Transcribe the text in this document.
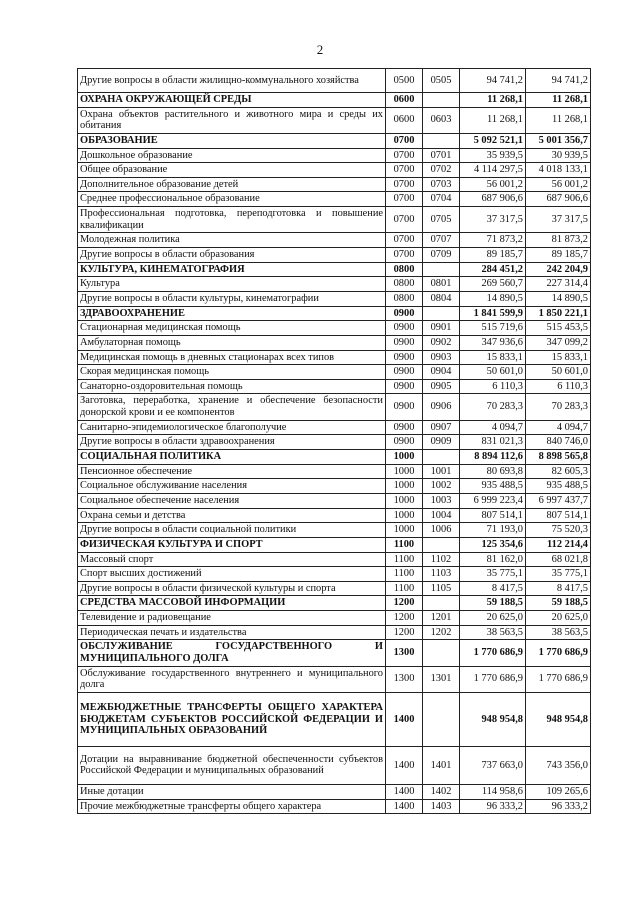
2
Другие вопросы в области жилищно-коммунального хозяйства	0500	0505	94 741,2	94 741,2
ОХРАНА ОКРУЖАЮЩЕЙ СРЕДЫ	0600		11 268,1	11 268,1
Охрана объектов растительного и животного мира и среды их обитания	0600	0603	11 268,1	11 268,1
ОБРАЗОВАНИЕ	0700		5 092 521,1	5 001 356,7
Дошкольное образование	0700	0701	35 939,5	30 939,5
Общее образование	0700	0702	4 114 297,5	4 018 133,1
Дополнительное образование детей	0700	0703	56 001,2	56 001,2
Среднее профессиональное образование	0700	0704	687 906,6	687 906,6
Профессиональная подготовка, переподготовка и повышение квалификации	0700	0705	37 317,5	37 317,5
Молодежная политика	0700	0707	71 873,2	81 873,2
Другие вопросы в области образования	0700	0709	89 185,7	89 185,7
КУЛЬТУРА, КИНЕМАТОГРАФИЯ	0800		284 451,2	242 204,9
Культура	0800	0801	269 560,7	227 314,4
Другие вопросы в области культуры, кинематографии	0800	0804	14 890,5	14 890,5
ЗДРАВООХРАНЕНИЕ	0900		1 841 599,9	1 850 221,1
Стационарная медицинская помощь	0900	0901	515 719,6	515 453,5
Амбулаторная помощь	0900	0902	347 936,6	347 099,2
Медицинская помощь в дневных стационарах всех типов	0900	0903	15 833,1	15 833,1
Скорая медицинская помощь	0900	0904	50 601,0	50 601,0
Санаторно-оздоровительная помощь	0900	0905	6 110,3	6 110,3
Заготовка, переработка, хранение и обеспечение безопасности донорской крови и ее компонентов	0900	0906	70 283,3	70 283,3
Санитарно-эпидемиологическое благополучие	0900	0907	4 094,7	4 094,7
Другие вопросы в области здравоохранения	0900	0909	831 021,3	840 746,0
СОЦИАЛЬНАЯ ПОЛИТИКА	1000		8 894 112,6	8 898 565,8
Пенсионное обеспечение	1000	1001	80 693,8	82 605,3
Социальное обслуживание населения	1000	1002	935 488,5	935 488,5
Социальное обеспечение населения	1000	1003	6 999 223,4	6 997 437,7
Охрана семьи и детства	1000	1004	807 514,1	807 514,1
Другие вопросы в области социальной политики	1000	1006	71 193,0	75 520,3
ФИЗИЧЕСКАЯ КУЛЬТУРА И СПОРТ	1100		125 354,6	112 214,4
Массовый спорт	1100	1102	81 162,0	68 021,8
Спорт высших достижений	1100	1103	35 775,1	35 775,1
Другие вопросы в области физической культуры и спорта	1100	1105	8 417,5	8 417,5
СРЕДСТВА МАССОВОЙ ИНФОРМАЦИИ	1200		59 188,5	59 188,5
Телевидение и радиовещание	1200	1201	20 625,0	20 625,0
Периодическая печать и издательства	1200	1202	38 563,5	38 563,5
ОБСЛУЖИВАНИЕ ГОСУДАРСТВЕННОГО И МУНИЦИПАЛЬНОГО ДОЛГА	1300		1 770 686,9	1 770 686,9
Обслуживание государственного внутреннего и муниципального долга	1300	1301	1 770 686,9	1 770 686,9
МЕЖБЮДЖЕТНЫЕ ТРАНСФЕРТЫ ОБЩЕГО ХАРАКТЕРА БЮДЖЕТАМ СУБЪЕКТОВ РОССИЙСКОЙ ФЕДЕРАЦИИ И МУНИЦИПАЛЬНЫХ ОБРАЗОВАНИЙ	1400		948 954,8	948 954,8
Дотации на выравнивание бюджетной обеспеченности субъектов Российской Федерации и муниципальных образований	1400	1401	737 663,0	743 356,0
Иные дотации	1400	1402	114 958,6	109 265,6
Прочие межбюджетные трансферты общего характера	1400	1403	96 333,2	96 333,2
